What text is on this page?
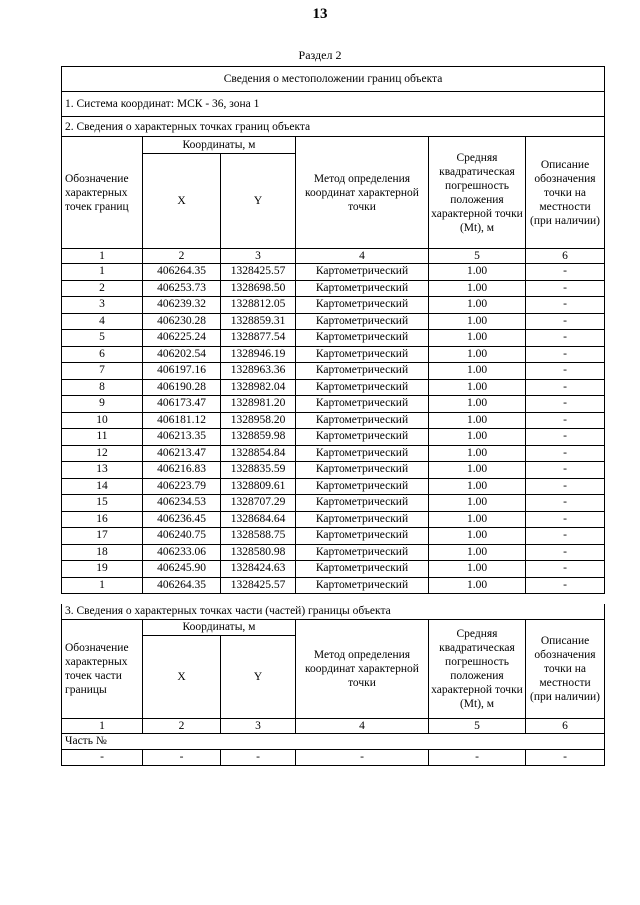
13
Раздел 2
Сведения о местоположении границ объекта					
1. Система координат: МСК - 36, зона 1					
2. Сведения о характерных точках границ объекта					
Обозначение характерных точек границ	Координаты, м		Метод определения координат характерной точки	Средняя квадратическая погрешность положения характерной точки (Mt), м	Описание обозначения точки на местности (при наличии)
	X	Y			
1	2	3	4	5	6
1	406264.35	1328425.57	Картометрический	1.00	-
2	406253.73	1328698.50	Картометрический	1.00	-
3	406239.32	1328812.05	Картометрический	1.00	-
4	406230.28	1328859.31	Картометрический	1.00	-
5	406225.24	1328877.54	Картометрический	1.00	-
6	406202.54	1328946.19	Картометрический	1.00	-
7	406197.16	1328963.36	Картометрический	1.00	-
8	406190.28	1328982.04	Картометрический	1.00	-
9	406173.47	1328981.20	Картометрический	1.00	-
10	406181.12	1328958.20	Картометрический	1.00	-
11	406213.35	1328859.98	Картометрический	1.00	-
12	406213.47	1328854.84	Картометрический	1.00	-
13	406216.83	1328835.59	Картометрический	1.00	-
14	406223.79	1328809.61	Картометрический	1.00	-
15	406234.53	1328707.29	Картометрический	1.00	-
16	406236.45	1328684.64	Картометрический	1.00	-
17	406240.75	1328588.75	Картометрический	1.00	-
18	406233.06	1328580.98	Картометрический	1.00	-
19	406245.90	1328424.63	Картометрический	1.00	-
1	406264.35	1328425.57	Картометрический	1.00	-
3. Сведения о характерных точках части (частей) границы объекта					
Обозначение характерных точек части границы	Координаты, м		Метод определения координат характерной точки	Средняя квадратическая погрешность положения характерной точки (Mt), м	Описание обозначения точки на местности (при наличии)
	X	Y			
1	2	3	4	5	6
Часть №					
-	-	-	-	-	-
